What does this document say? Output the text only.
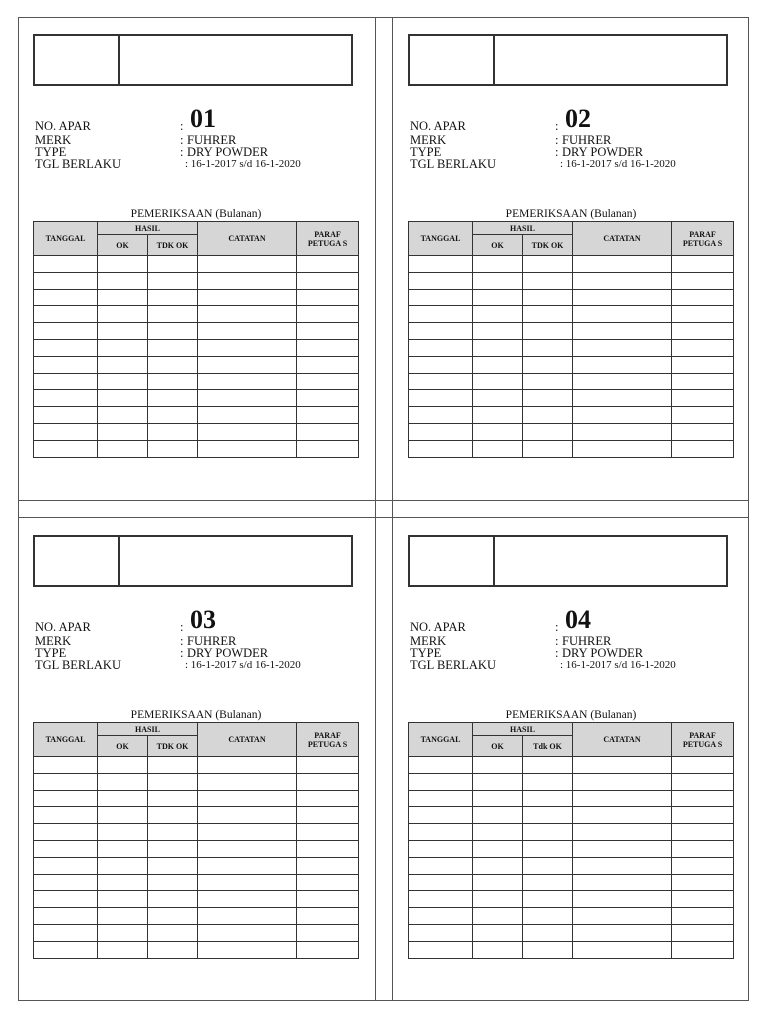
NO. APAR	: 01
MERK	: FUHRER
TYPE	: DRY POWDER
TGL BERLAKU	: 16-1-2017 s/d 16-1-2020
PEMERIKSAAN (Bulanan)
TANGGAL	HASIL		CATATAN	PARAF PETUGA S
	OK	TDK OK		

NO. APAR	: 02
MERK	: FUHRER
TYPE	: DRY POWDER
TGL BERLAKU	: 16-1-2017 s/d 16-1-2020
PEMERIKSAAN (Bulanan)
TANGGAL	HASIL		CATATAN	PARAF PETUGA S
	OK	TDK OK		

NO. APAR	: 03
MERK	: FUHRER
TYPE	: DRY POWDER
TGL BERLAKU	: 16-1-2017 s/d 16-1-2020
PEMERIKSAAN (Bulanan)
TANGGAL	HASIL		CATATAN	PARAF PETUGA S
	OK	TDK OK		

NO. APAR	: 04
MERK	: FUHRER
TYPE	: DRY POWDER
TGL BERLAKU	: 16-1-2017 s/d 16-1-2020
PEMERIKSAAN (Bulanan)
TANGGAL	HASIL		CATATAN	PARAF PETUGA S
	OK	Tdk OK		
